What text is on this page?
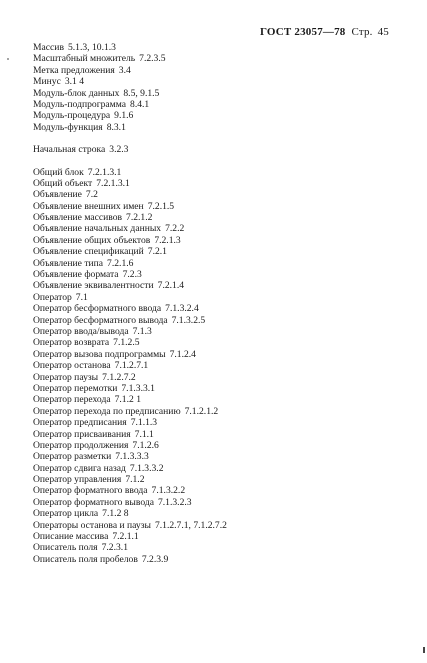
ГОСТ 23057—78 Стр. 45
Массив 5.1.3, 10.1.3
Масштабный множитель 7.2.3.5
Метка предложения 3.4
Минус 3.1 4
Модуль-блок данных 8.5, 9.1.5
Модуль-подпрограмма 8.4.1
Модуль-процедура 9.1.6
Модуль-функция 8.3.1
Начальная строка 3.2.3
Общий блок 7.2.1.3.1
Общий объект 7.2.1.3.1
Объявление 7.2
Объявление внешних имен 7.2.1.5
Объявление массивов 7.2.1.2
Объявление начальных данных 7.2.2
Объявление общих объектов 7.2.1.3
Объявление спецификаций 7.2.1
Объявление типа 7.2.1.6
Объявление формата 7.2.3
Объявление эквивалентности 7.2.1.4
Оператор 7.1
Оператор бесформатного ввода 7.1.3.2.4
Оператор бесформатного вывода 7.1.3.2.5
Оператор ввода/вывода 7.1.3
Оператор возврата 7.1.2.5
Оператор вызова подпрограммы 7.1.2.4
Оператор останова 7.1.2.7.1
Оператор паузы 7.1.2.7.2
Оператор перемотки 7.1.3.3.1
Оператор перехода 7.1.2 1
Оператор перехода по предписанию 7.1.2.1.2
Оператор предписания 7.1.1.3
Оператор присваивания 7.1.1
Оператор продолжения 7.1.2.6
Оператор разметки 7.1.3.3.3
Оператор сдвига назад 7.1.3.3.2
Оператор управления 7.1.2
Оператор форматного ввода 7.1.3.2.2
Оператор форматного вывода 7.1.3.2.3
Оператор цикла 7.1.2 8
Операторы останова и паузы 7.1.2.7.1, 7.1.2.7.2
Описание массива 7.2.1.1
Описатель поля 7.2.3.1
Описатель поля пробелов 7.2.3.9
